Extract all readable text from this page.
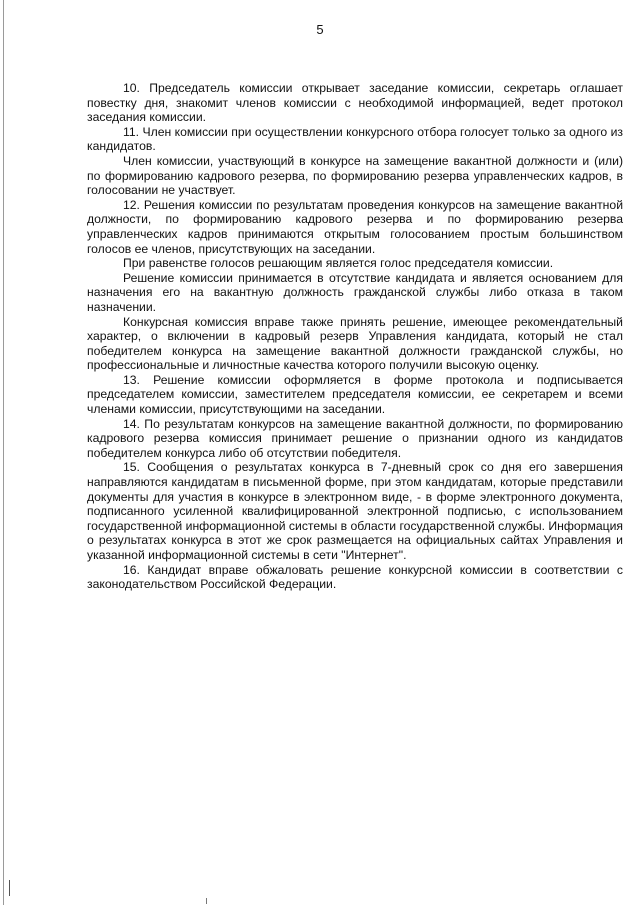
5

10. Председатель комиссии открывает заседание комиссии, секретарь оглашает повестку дня, знакомит членов комиссии с необходимой информацией, ведет протокол заседания комиссии.

11. Член комиссии при осуществлении конкурсного отбора голосует только за одного из кандидатов.

Член комиссии, участвующий в конкурсе на замещение вакантной должности и (или) по формированию кадрового резерва, по формированию резерва управленческих кадров, в голосовании не участвует.

12. Решения комиссии по результатам проведения конкурсов на замещение вакантной должности, по формированию кадрового резерва и по формированию резерва управленческих кадров принимаются открытым голосованием простым большинством голосов ее членов, присутствующих на заседании.

При равенстве голосов решающим является голос председателя комиссии.

Решение комиссии принимается в отсутствие кандидата и является основанием для назначения его на вакантную должность гражданской службы либо отказа в таком назначении.

Конкурсная комиссия вправе также принять решение, имеющее рекомендательный характер, о включении в кадровый резерв Управления кандидата, который не стал победителем конкурса на замещение вакантной должности гражданской службы, но профессиональные и личностные качества которого получили высокую оценку.

13. Решение комиссии оформляется в форме протокола и подписывается председателем комиссии, заместителем председателя комиссии, ее секретарем и всеми членами комиссии, присутствующими на заседании.

14. По результатам конкурсов на замещение вакантной должности, по формированию кадрового резерва комиссия принимает решение о признании одного из кандидатов победителем конкурса либо об отсутствии победителя.

15. Сообщения о результатах конкурса в 7-дневный срок со дня его завершения направляются кандидатам в письменной форме, при этом кандидатам, которые представили документы для участия в конкурсе в электронном виде, - в форме электронного документа, подписанного усиленной квалифицированной электронной подписью, с использованием государственной информационной системы в области государственной службы. Информация о результатах конкурса в этот же срок размещается на официальных сайтах Управления и указанной информационной системы в сети "Интернет".

16. Кандидат вправе обжаловать решение конкурсной комиссии в соответствии с законодательством Российской Федерации.
